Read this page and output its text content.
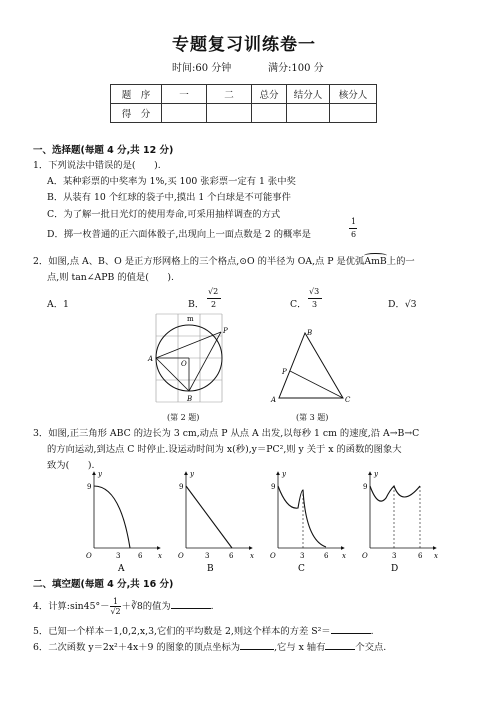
专题复习训练卷一
时间:60 分钟	满分:100 分
题　序	一	二	总分	结分人	核分人
得　分					
一、选择题(每题 4 分,共 12 分)
1．下列说法中错误的是(　　).
A．某种彩票的中奖率为 1%,买 100 张彩票一定有 1 张中奖
B．从装有 10 个红球的袋子中,摸出 1 个白球是不可能事件
C．为了解一批日光灯的使用寿命,可采用抽样调查的方式
D．掷一枚普通的正六面体骰子,出现向上一面点数是 2 的概率是
1
6
2．如图,点 A、B、O 是正方形网格上的三个格点,⊙O 的半径为 OA,点 P 是优弧AmB
上的一
点,则 tan∠APB 的值是(　　).
A．1	B．
√2
2	C．
√3
3	D．√3
m
P
A
O
B
(第 2 题)
B
P
A	C
(第 3 题)
3．如图,正三角形 ABC 的边长为 3 cm,动点 P 从点 A 出发,以每秒 1 cm 的速度,沿 A→B→C
的方向运动,到达点 C 时停止.设运动时间为 x(秒),y＝PC²,则 y 关于 x 的函数的图象大
致为(　　).
y
x
O
9
3	6
A
y
x
O
9
3	6
B
y
x
O
9
3	6
C
y
x
O
9
3	6
D
二、填空题(每题 4 分,共 16 分)
4．计算:sin45°－ $\frac{1}{√2}$ ＋∛8的值为	.
5．已知一个样本－1,0,2,x,3,它们的平均数是 2,则这个样本的方差 S²＝	.
6．二次函数 y＝2x²＋4x＋9 的图象的顶点坐标为	,它与 x 轴有	个交点.
